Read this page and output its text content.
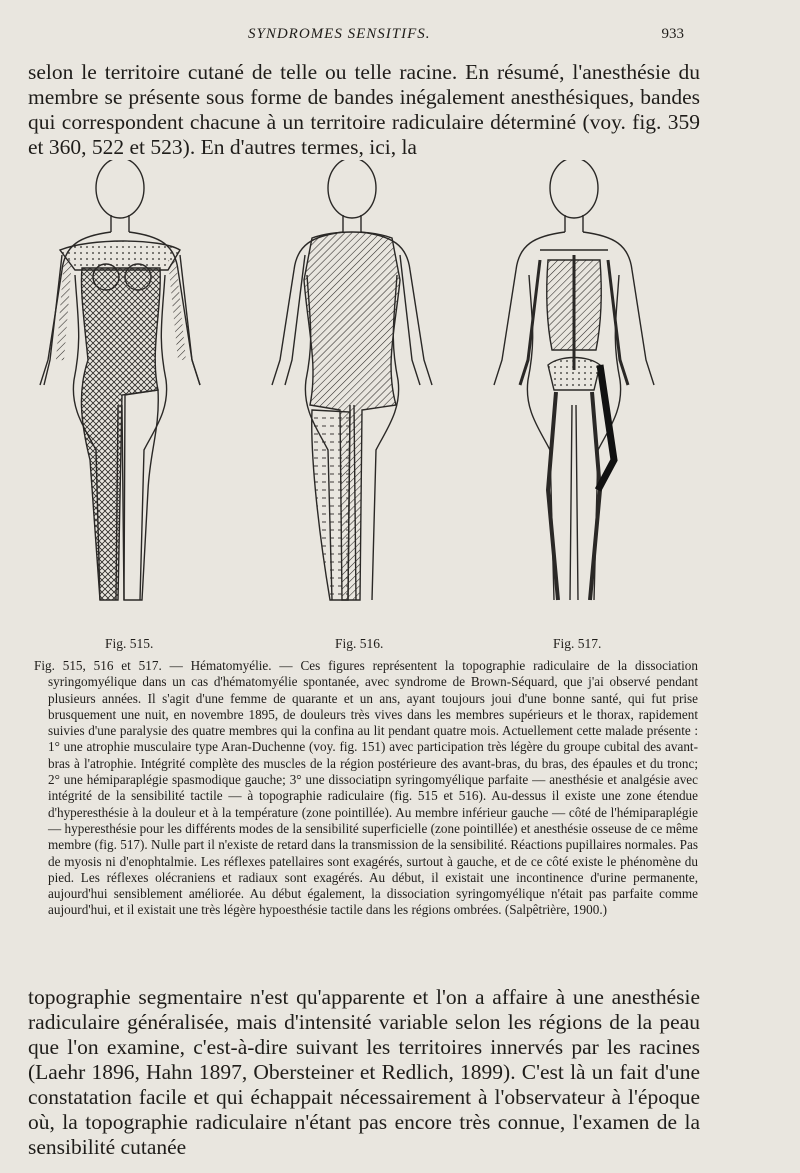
SYNDROMES SENSITIFS.	933
selon le territoire cutané de telle ou telle racine. En résumé, l'anesthésie du membre se présente sous forme de bandes inégalement anesthésiques, bandes qui correspondent chacune à un territoire radiculaire déterminé (voy. fig. 359 et 360, 522 et 523). En d'autres termes, ici, la
Fig. 515.	Fig. 516.	Fig. 517.

Fig. 515, 516 et 517. — Hématomyélie. — Ces figures représentent la topographie radiculaire de la dissociation syringomyélique dans un cas d'hématomyélie spontanée, avec syndrome de Brown-Séquard, que j'ai observé pendant plusieurs années. Il s'agit d'une femme de quarante et un ans, ayant toujours joui d'une bonne santé, qui fut prise brusquement une nuit, en novembre 1895, de douleurs très vives dans les membres supérieurs et le thorax, rapidement suivies d'une paralysie des quatre membres qui la confina au lit pendant quatre mois. Actuellement cette malade présente : 1° une atrophie musculaire type Aran-Duchenne (voy. fig. 151) avec participation très légère du groupe cubital des avant-bras à l'atrophie. Intégrité complète des muscles de la région postérieure des avant-bras, du bras, des épaules et du tronc; 2° une hémiparaplégie spasmodique gauche; 3° une dissociatipn syringomyélique parfaite — anesthésie et analgésie avec intégrité de la sensibilité tactile — à topographie radiculaire (fig. 515 et 516). Au-dessus il existe une zone étendue d'hyperesthésie à la douleur et à la température (zone pointillée). Au membre inférieur gauche — côté de l'hémiparaplégie — hyperesthésie pour les différents modes de la sensibilité superficielle (zone pointillée) et anesthésie osseuse de ce même membre (fig. 517). Nulle part il n'existe de retard dans la transmission de la sensibilité. Réactions pupillaires normales. Pas de myosis ni d'enophtalmie. Les réflexes patellaires sont exagérés, surtout à gauche, et de ce côté existe le phénomène du pied. Les réflexes olécraniens et radiaux sont exagérés. Au début, il existait une incontinence d'urine permanente, aujourd'hui sensiblement améliorée. Au début également, la dissociation syringomyélique n'était pas parfaite comme aujourd'hui, et il existait une très légère hypoesthésie tactile dans les régions ombrées. (Salpêtrière, 1900.)

topographie segmentaire n'est qu'apparente et l'on a affaire à une anesthésie radiculaire généralisée, mais d'intensité variable selon les régions de la peau que l'on examine, c'est-à-dire suivant les territoires innervés par les racines (Laehr 1896, Hahn 1897, Obersteiner et Redlich, 1899). C'est là un fait d'une constatation facile et qui échappait nécessairement à l'observateur à l'époque où, la topographie radiculaire n'étant pas encore très connue, l'examen de la sensibilité cutanée
